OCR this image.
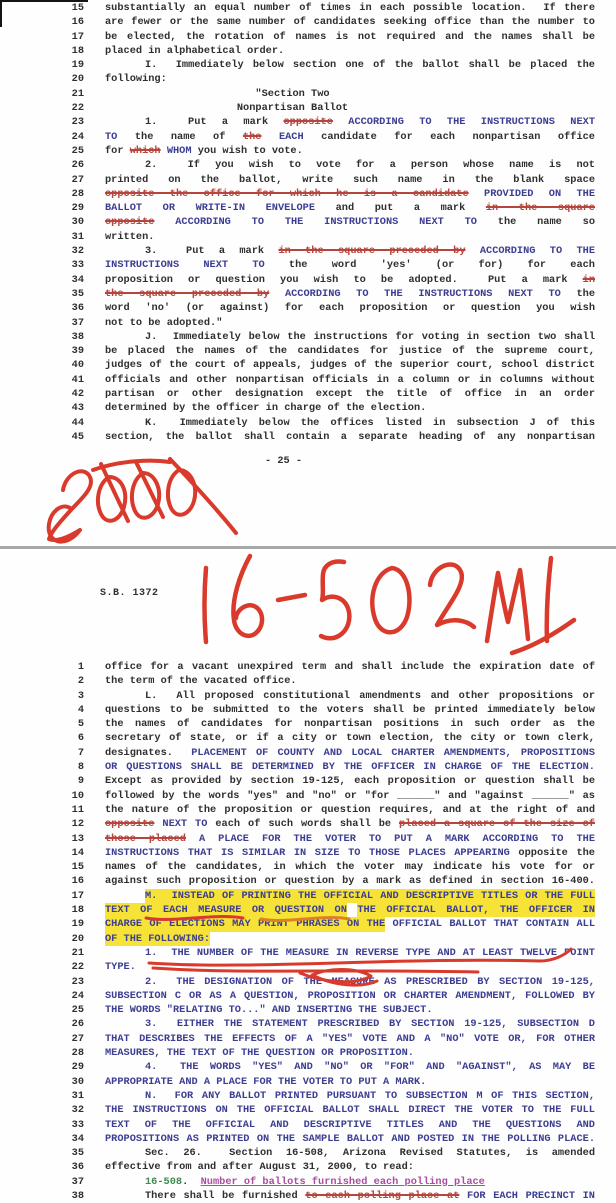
15 substantially an equal number of times in each possible location.  If there
16 are fewer or the same number of candidates seeking office than the number to
17 be elected, the rotation of names is not required and the names shall be
18 placed in alphabetical order.
19	I.  Immediately below section one of the ballot shall be placed the
20 following:
21	"Section Two
22	Nonpartisan Ballot
23	1.  Put a mark opposite ACCORDING TO THE INSTRUCTIONS NEXT
24 TO the name of the EACH candidate for each nonpartisan office
25 for which WHOM you wish to vote.
26	2.  If you wish to vote for a person whose name is not
27 printed on the ballot, write such name in the blank space
28 opposite the office for which he is a candidate PROVIDED ON THE
29 BALLOT OR WRITE-IN ENVELOPE and put a mark in the square
30 opposite ACCORDING TO THE INSTRUCTIONS NEXT TO the name so
31 written.
32	3.  Put a mark in the square preceded by ACCORDING TO THE
33 INSTRUCTIONS NEXT TO the word 'yes' (or for) for each
34 proposition or question you wish to be adopted.  Put a mark in
35 the square preceded by ACCORDING TO THE INSTRUCTIONS NEXT TO the
36 word 'no' (or against) for each proposition or question you wish
37 not to be adopted."
38	J.  Immediately below the instructions for voting in section two shall
39 be placed the names of the candidates for justice of the supreme court,
40 judges of the court of appeals, judges of the superior court, school district
41 officials and other nonpartisan officials in a column or in columns without
42 partisan or other designation except the title of office in an order
43 determined by the officer in charge of the election.
44	K.  Immediately below the offices listed in subsection J of this
45 section, the ballot shall contain a separate heading of any nonpartisan
- 25 -
S.B. 1372
1 office for a vacant unexpired term and shall include the expiration date of
2 the term of the vacated office.
3	L.  All proposed constitutional amendments and other propositions or
4 questions to be submitted to the voters shall be printed immediately below
5 the names of candidates for nonpartisan positions in such order as the
6 secretary of state, or if a city or town election, the city or town clerk,
7 designates.  PLACEMENT OF COUNTY AND LOCAL CHARTER AMENDMENTS, PROPOSITIONS
8 OR QUESTIONS SHALL BE DETERMINED BY THE OFFICER IN CHARGE OF THE ELECTION.
9 Except as provided by section 19-125, each proposition or question shall be
10 followed by the words "yes" and "no" or "for ______" and "against ______" as
11 the nature of the proposition or question requires, and at the right of and
12 opposite NEXT TO each of such words shall be placed a square of the size of
13 those placed A PLACE FOR THE VOTER TO PUT A MARK ACCORDING TO THE
14 INSTRUCTIONS THAT IS SIMILAR IN SIZE TO THOSE PLACES APPEARING opposite the
15 names of the candidates, in which the voter may indicate his vote for or
16 against such proposition or question by a mark as defined in section 16-400.
17	M.  INSTEAD OF PRINTING THE OFFICIAL AND DESCRIPTIVE TITLES OR THE FULL
18 TEXT OF EACH MEASURE OR QUESTION ON THE OFFICIAL BALLOT, THE OFFICER IN
19 CHARGE OF ELECTIONS MAY PRINT PHRASES ON THE OFFICIAL BALLOT THAT CONTAIN ALL
20 OF THE FOLLOWING:
21	1.  THE NUMBER OF THE MEASURE IN REVERSE TYPE AND AT LEAST TWELVE POINT
22 TYPE.
23	2.  THE DESIGNATION OF THE MEASURE AS PRESCRIBED BY SECTION 19-125,
24 SUBSECTION C OR AS A QUESTION, PROPOSITION OR CHARTER AMENDMENT, FOLLOWED BY
25 THE WORDS "RELATING TO..." AND INSERTING THE SUBJECT.
26	3.  EITHER THE STATEMENT PRESCRIBED BY SECTION 19-125, SUBSECTION D
27 THAT DESCRIBES THE EFFECTS OF A "YES" VOTE AND A "NO" VOTE OR, FOR OTHER
28 MEASURES, THE TEXT OF THE QUESTION OR PROPOSITION.
29	4.  THE WORDS "YES" AND "NO" OR "FOR" AND "AGAINST", AS MAY BE
30 APPROPRIATE AND A PLACE FOR THE VOTER TO PUT A MARK.
31	N.  FOR ANY BALLOT PRINTED PURSUANT TO SUBSECTION M OF THIS SECTION,
32 THE INSTRUCTIONS ON THE OFFICIAL BALLOT SHALL DIRECT THE VOTER TO THE FULL
33 TEXT OF THE OFFICIAL AND DESCRIPTIVE TITLES AND THE QUESTIONS AND
34 PROPOSITIONS AS PRINTED ON THE SAMPLE BALLOT AND POSTED IN THE POLLING PLACE.
35	Sec. 26.  Section 16-508, Arizona Revised Statutes, is amended
36 effective from and after August 31, 2000, to read:
37	16-508.  Number of ballots furnished each polling place
38	There shall be furnished to each polling place at FOR EACH PRECINCT IN
